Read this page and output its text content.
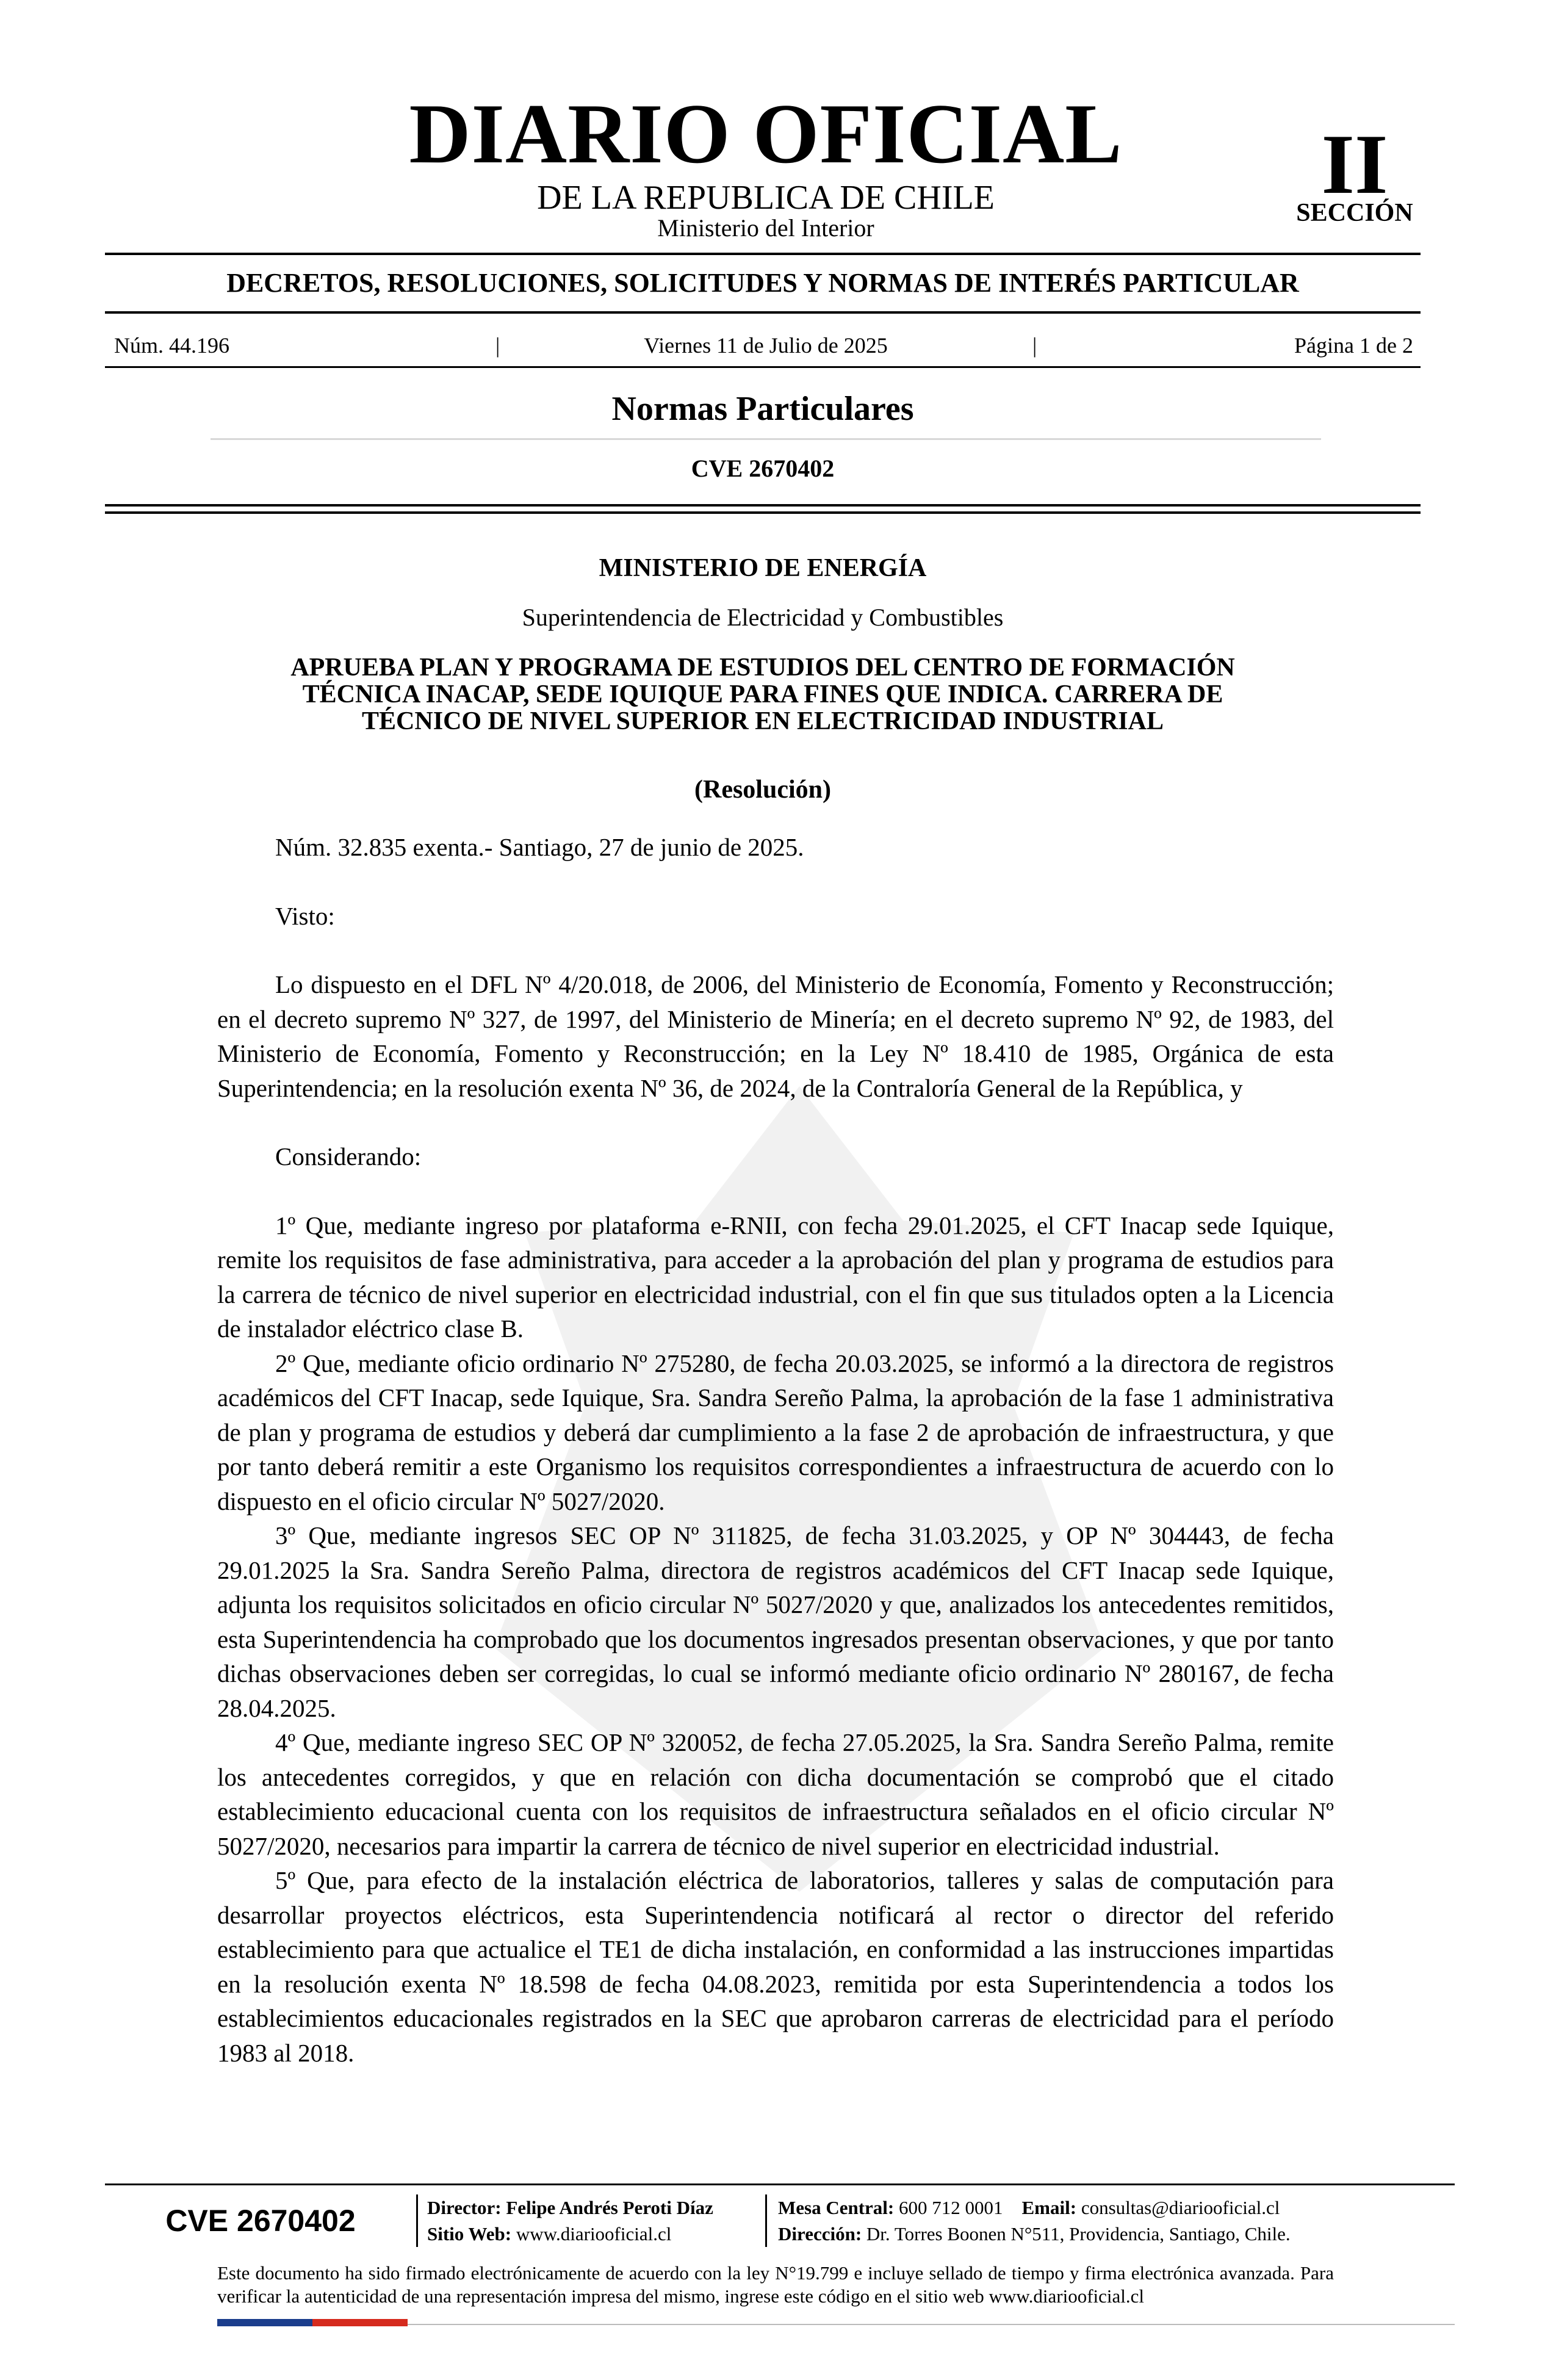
DIARIO OFICIAL
DE LA REPUBLICA DE CHILE
Ministerio del Interior
II
SECCIÓN
DECRETOS, RESOLUCIONES, SOLICITUDES Y NORMAS DE INTERÉS PARTICULAR
Núm. 44.196	|	Viernes 11 de Julio de 2025	|	Página 1 de 2
Normas Particulares
CVE 2670402
MINISTERIO DE ENERGÍA
Superintendencia de Electricidad y Combustibles
APRUEBA PLAN Y PROGRAMA DE ESTUDIOS DEL CENTRO DE FORMACIÓN TÉCNICA INACAP, SEDE IQUIQUE PARA FINES QUE INDICA. CARRERA DE TÉCNICO DE NIVEL SUPERIOR EN ELECTRICIDAD INDUSTRIAL
(Resolución)

Núm. 32.835 exenta.- Santiago, 27 de junio de 2025.

Visto:

Lo dispuesto en el DFL Nº 4/20.018, de 2006, del Ministerio de Economía, Fomento y Reconstrucción; en el decreto supremo Nº 327, de 1997, del Ministerio de Minería; en el decreto supremo Nº 92, de 1983, del Ministerio de Economía, Fomento y Reconstrucción; en la Ley Nº 18.410 de 1985, Orgánica de esta Superintendencia; en la resolución exenta Nº 36, de 2024, de la Contraloría General de la República, y

Considerando:

1º Que, mediante ingreso por plataforma e-RNII, con fecha 29.01.2025, el CFT Inacap sede Iquique, remite los requisitos de fase administrativa, para acceder a la aprobación del plan y programa de estudios para la carrera de técnico de nivel superior en electricidad industrial, con el fin que sus titulados opten a la Licencia de instalador eléctrico clase B.

2º Que, mediante oficio ordinario Nº 275280, de fecha 20.03.2025, se informó a la directora de registros académicos del CFT Inacap, sede Iquique, Sra. Sandra Sereño Palma, la aprobación de la fase 1 administrativa de plan y programa de estudios y deberá dar cumplimiento a la fase 2 de aprobación de infraestructura, y que por tanto deberá remitir a este Organismo los requisitos correspondientes a infraestructura de acuerdo con lo dispuesto en el oficio circular Nº 5027/2020.

3º Que, mediante ingresos SEC OP Nº 311825, de fecha 31.03.2025, y OP Nº 304443, de fecha 29.01.2025 la Sra. Sandra Sereño Palma, directora de registros académicos del CFT Inacap sede Iquique, adjunta los requisitos solicitados en oficio circular Nº 5027/2020 y que, analizados los antecedentes remitidos, esta Superintendencia ha comprobado que los documentos ingresados presentan observaciones, y que por tanto dichas observaciones deben ser corregidas, lo cual se informó mediante oficio ordinario Nº 280167, de fecha 28.04.2025.

4º Que, mediante ingreso SEC OP Nº 320052, de fecha 27.05.2025, la Sra. Sandra Sereño Palma, remite los antecedentes corregidos, y que en relación con dicha documentación se comprobó que el citado establecimiento educacional cuenta con los requisitos de infraestructura señalados en el oficio circular Nº 5027/2020, necesarios para impartir la carrera de técnico de nivel superior en electricidad industrial.

5º Que, para efecto de la instalación eléctrica de laboratorios, talleres y salas de computación para desarrollar proyectos eléctricos, esta Superintendencia notificará al rector o director del referido establecimiento para que actualice el TE1 de dicha instalación, en conformidad a las instrucciones impartidas en la resolución exenta Nº 18.598 de fecha 04.08.2023, remitida por esta Superintendencia a todos los establecimientos educacionales registrados en la SEC que aprobaron carreras de electricidad para el período 1983 al 2018.

CVE 2670402	Director: Felipe Andrés Peroti Díaz
Sitio Web: www.diariooficial.cl
Mesa Central: 600 712 0001 Email: consultas@diariooficial.cl
Dirección: Dr. Torres Boonen N°511, Providencia, Santiago, Chile.
Este documento ha sido firmado electrónicamente de acuerdo con la ley N°19.799 e incluye sellado de tiempo y firma electrónica avanzada. Para verificar la autenticidad de una representación impresa del mismo, ingrese este código en el sitio web www.diariooficial.cl
